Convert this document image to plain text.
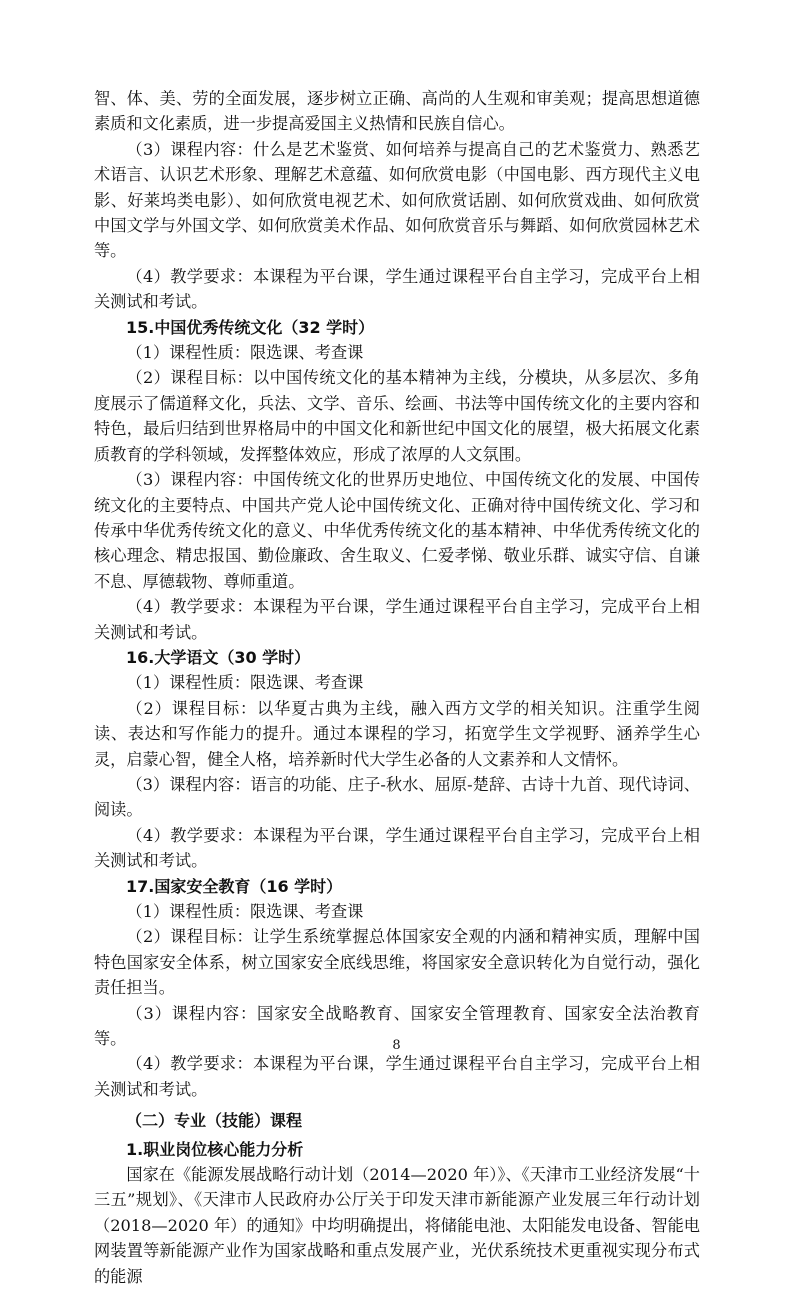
智、体、美、劳的全面发展，逐步树立正确、高尚的人生观和审美观；提高思想道德素质和文化素质，进一步提高爱国主义热情和民族自信心。

（3）课程内容：什么是艺术鉴赏、如何培养与提高自己的艺术鉴赏力、熟悉艺术语言、认识艺术形象、理解艺术意蕴、如何欣赏电影（中国电影、西方现代主义电影、好莱坞类电影）、如何欣赏电视艺术、如何欣赏话剧、如何欣赏戏曲、如何欣赏中国文学与外国文学、如何欣赏美术作品、如何欣赏音乐与舞蹈、如何欣赏园林艺术等。

（4）教学要求：本课程为平台课，学生通过课程平台自主学习，完成平台上相关测试和考试。

15.中国优秀传统文化（32 学时）

（1）课程性质：限选课、考查课

（2）课程目标：以中国传统文化的基本精神为主线，分模块，从多层次、多角度展示了儒道释文化，兵法、文学、音乐、绘画、书法等中国传统文化的主要内容和特色，最后归结到世界格局中的中国文化和新世纪中国文化的展望，极大拓展文化素质教育的学科领域，发挥整体效应，形成了浓厚的人文氛围。

（3）课程内容：中国传统文化的世界历史地位、中国传统文化的发展、中国传统文化的主要特点、中国共产党人论中国传统文化、正确对待中国传统文化、学习和传承中华优秀传统文化的意义、中华优秀传统文化的基本精神、中华优秀传统文化的核心理念、精忠报国、勤俭廉政、舍生取义、仁爱孝悌、敬业乐群、诚实守信、自谦不息、厚德载物、尊师重道。

（4）教学要求：本课程为平台课，学生通过课程平台自主学习，完成平台上相关测试和考试。

16.大学语文（30 学时）

（1）课程性质：限选课、考查课

（2）课程目标：以华夏古典为主线，融入西方文学的相关知识。注重学生阅读、表达和写作能力的提升。通过本课程的学习，拓宽学生文学视野、涵养学生心灵，启蒙心智，健全人格，培养新时代大学生必备的人文素养和人文情怀。

（3）课程内容：语言的功能、庄子-秋水、屈原-楚辞、古诗十九首、现代诗词、阅读。

（4）教学要求：本课程为平台课，学生通过课程平台自主学习，完成平台上相关测试和考试。

17.国家安全教育（16 学时）

（1）课程性质：限选课、考查课

（2）课程目标：让学生系统掌握总体国家安全观的内涵和精神实质，理解中国特色国家安全体系，树立国家安全底线思维，将国家安全意识转化为自觉行动，强化责任担当。

（3）课程内容：国家安全战略教育、国家安全管理教育、国家安全法治教育等。

（4）教学要求：本课程为平台课，学生通过课程平台自主学习，完成平台上相关测试和考试。

（二）专业（技能）课程

1.职业岗位核心能力分析

国家在《能源发展战略行动计划（2014—2020 年）》、《天津市工业经济发展“十三五”规划》、《天津市人民政府办公厅关于印发天津市新能源产业发展三年行动计划（2018—2020 年）的通知》中均明确提出，将储能电池、太阳能发电设备、智能电网装置等新能源产业作为国家战略和重点发展产业，光伏系统技术更重视实现分布式的能源

8
